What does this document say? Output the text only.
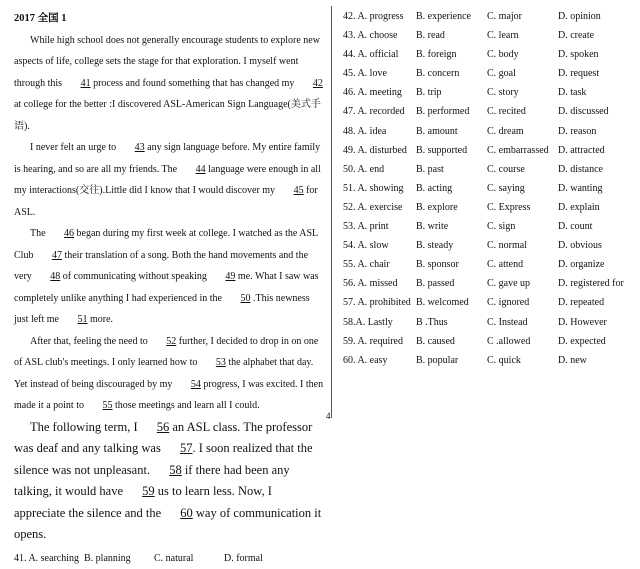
2017 全国 1

While high school does not generally encourage students to explore new aspects of life, college sets the stage for that exploration. I myself went through this 41 process and found something that has changed my 42 at college for the better :I discovered ASL-American Sign Language(美式手语).

I never felt an urge to 43 any sign language before. My entire family is hearing, and so are all my friends. The 44 language were enough in all my interactions(交往).Little did I know that I would discover my 45 for ASL.

The 46 began during my first week at college. I watched as the ASL Club 47 their translation of a song. Both the hand movements and the very 48 of communicating without speaking 49 me. What I saw was completely unlike anything I had experienced in the 50 .This newness just left me 51 more.

After that, feeling the need to 52 further, I decided to drop in on one of ASL club's meetings. I only learned how to 53 the alphabet that day. Yet instead of being discouraged by my 54 progress, I was excited. I then made it a point to 55 those meetings and learn all I could.

The following term, I 56 an ASL class. The professor was deaf and any talking was 57. I soon realized that the silence was not unpleasant. 58 if there had been any talking, it would have 59 us to learn less. Now, I appreciate the silence and the 60 way of communication it opens.

41. A. searching B. planning C. natural	D. formal
4
42. A. progress B. experience C. major	D. opinion
43. A. choose B. read	C. learn	D. create
44. A. official B. foreign	C. body	D. spoken
45. A. love	B. concern	C. goal	D. request
46. A. meeting B. trip	C. story	D. task
47. A. recorded B. performed C. recited	D. discussed
48. A. idea	B. amount	C. dream	D. reason
49. A. disturbed B. supported C. embarrassed D. attracted
50. A. end	B. past	C. course	D. distance
51. A. showing B. acting	C. saying	D. wanting
52. A. exercise B. explore	C. Express	D. explain
53. A. print	B. write	C. sign	D. count
54. A. slow	B. steady	C. normal	D. obvious
55. A. chair	B. sponsor	C. attend	D. organize
56. A. missed B. passed	C. gave up	D. registered for
57. A. prohibited B. welcomed C. ignored	D. repeated
58.A. Lastly B .Thus	C. Instead	D. However
59. A. required B. caused	C .allowed	D. expected
60. A. easy	B. popular	C. quick	D. new
